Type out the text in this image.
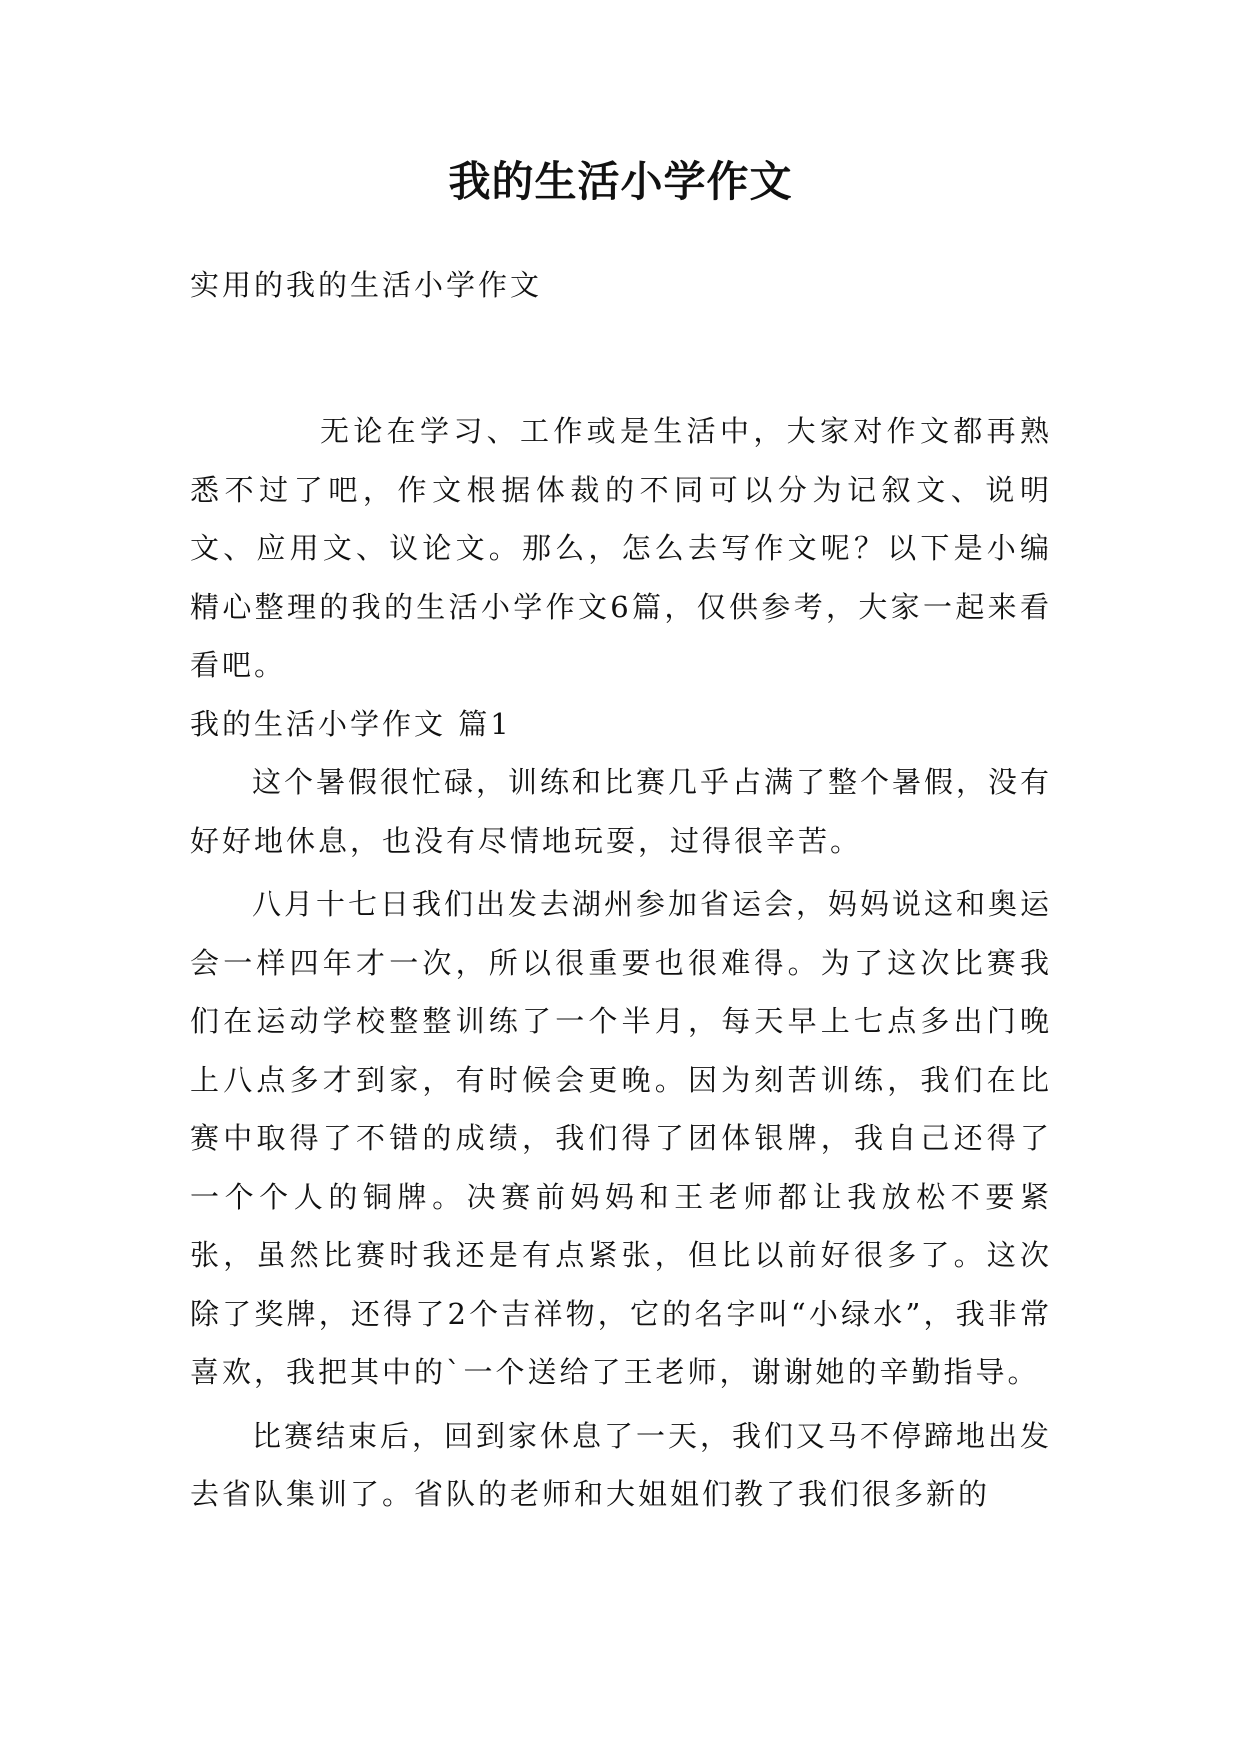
我的生活小学作文
实用的我的生活小学作文

无论在学习、工作或是生活中，大家对作文都再熟悉不过了吧，作文根据体裁的不同可以分为记叙文、说明文、应用文、议论文。那么，怎么去写作文呢？以下是小编精心整理的我的生活小学作文6篇，仅供参考，大家一起来看看吧。

我的生活小学作文 篇1

这个暑假很忙碌，训练和比赛几乎占满了整个暑假，没有好好地休息，也没有尽情地玩耍，过得很辛苦。

八月十七日我们出发去湖州参加省运会，妈妈说这和奥运会一样四年才一次，所以很重要也很难得。为了这次比赛我们在运动学校整整训练了一个半月，每天早上七点多出门晚上八点多才到家，有时候会更晚。因为刻苦训练，我们在比赛中取得了不错的成绩，我们得了团体银牌，我自己还得了一个个人的铜牌。决赛前妈妈和王老师都让我放松不要紧张，虽然比赛时我还是有点紧张，但比以前好很多了。这次除了奖牌，还得了2个吉祥物，它的名字叫“小绿水”，我非常喜欢，我把其中的`一个送给了王老师，谢谢她的辛勤指导。

比赛结束后，回到家休息了一天，我们又马不停蹄地出发去省队集训了。省队的老师和大姐姐们教了我们很多新的
